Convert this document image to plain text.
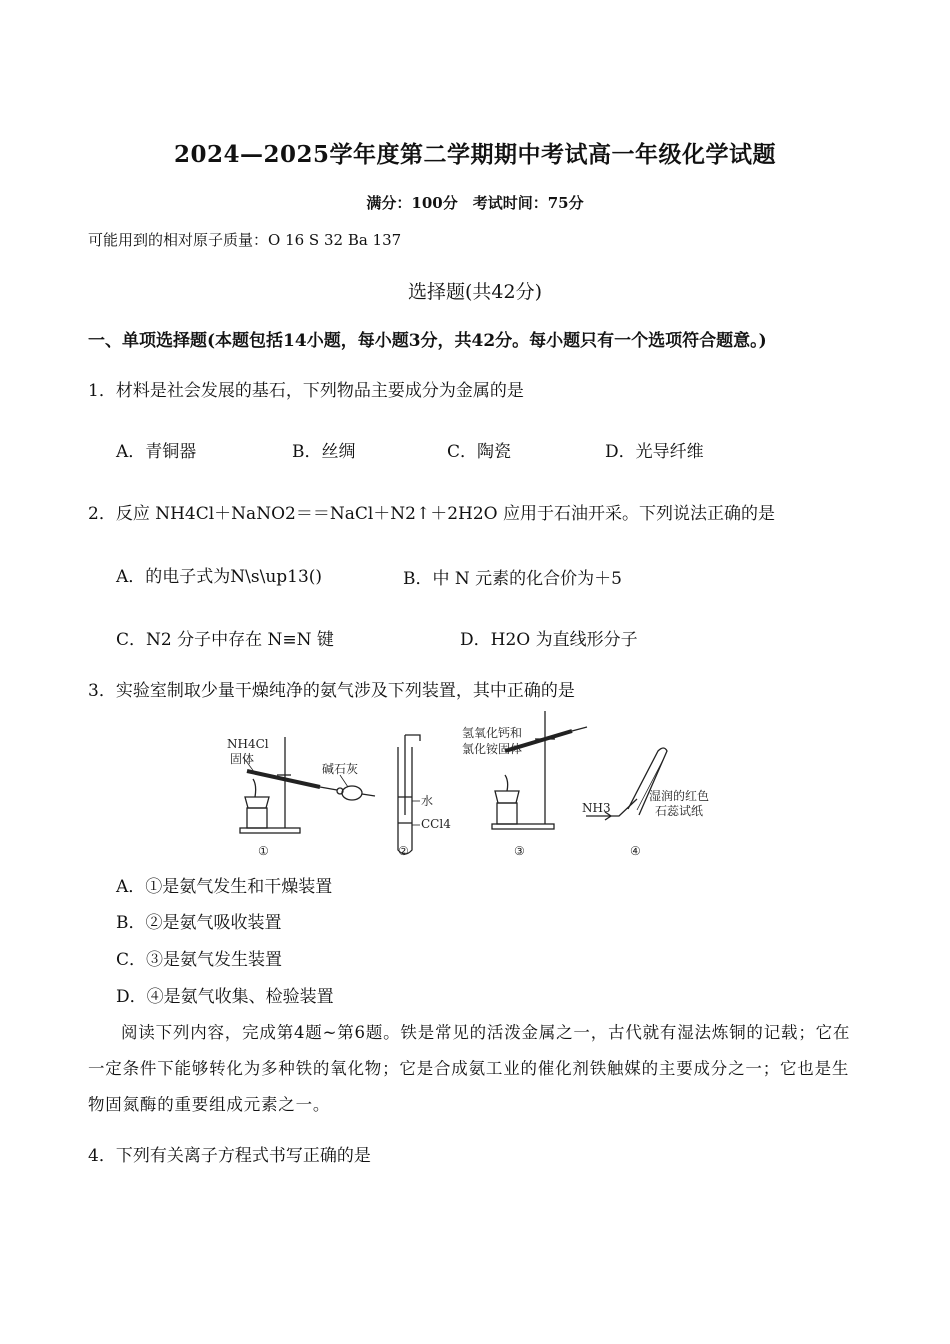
2024—2025学年度第二学期期中考试高一年级化学试题
满分：100分　考试时间：75分
可能用到的相对原子质量：O 16 S 32 Ba 137
选择题(共42分)
一、单项选择题(本题包括14小题，每小题3分，共42分。每小题只有一个选项符合题意。)
1．材料是社会发展的基石，下列物品主要成分为金属的是
A．青铜器	B．丝绸	C．陶瓷	D．光导纤维
2．反应 NH4Cl＋NaNO2＝＝NaCl＋N2↑＋2H2O 应用于石油开采。下列说法正确的是
A．的电子式为N\s\up13()	B．中 N 元素的化合价为＋5
C．N2 分子中存在 N≡N 键	D．H2O 为直线形分子
3．实验室制取少量干燥纯净的氨气涉及下列装置，其中正确的是
NH4Cl
固体
碱石灰
水
CCl4
氢氧化钙和
氯化铵固体
NH3
湿润的红色
石蕊试纸
①	②	③	④
A．①是氨气发生和干燥装置
B．②是氨气吸收装置
C．③是氨气发生装置
D．④是氨气收集、检验装置
阅读下列内容，完成第4题~第6题。铁是常见的活泼金属之一，古代就有湿法炼铜的记载；它在一定条件下能够转化为多种铁的氧化物；它是合成氨工业的催化剂铁触媒的主要成分之一；它也是生物固氮酶的重要组成元素之一。
4．下列有关离子方程式书写正确的是
